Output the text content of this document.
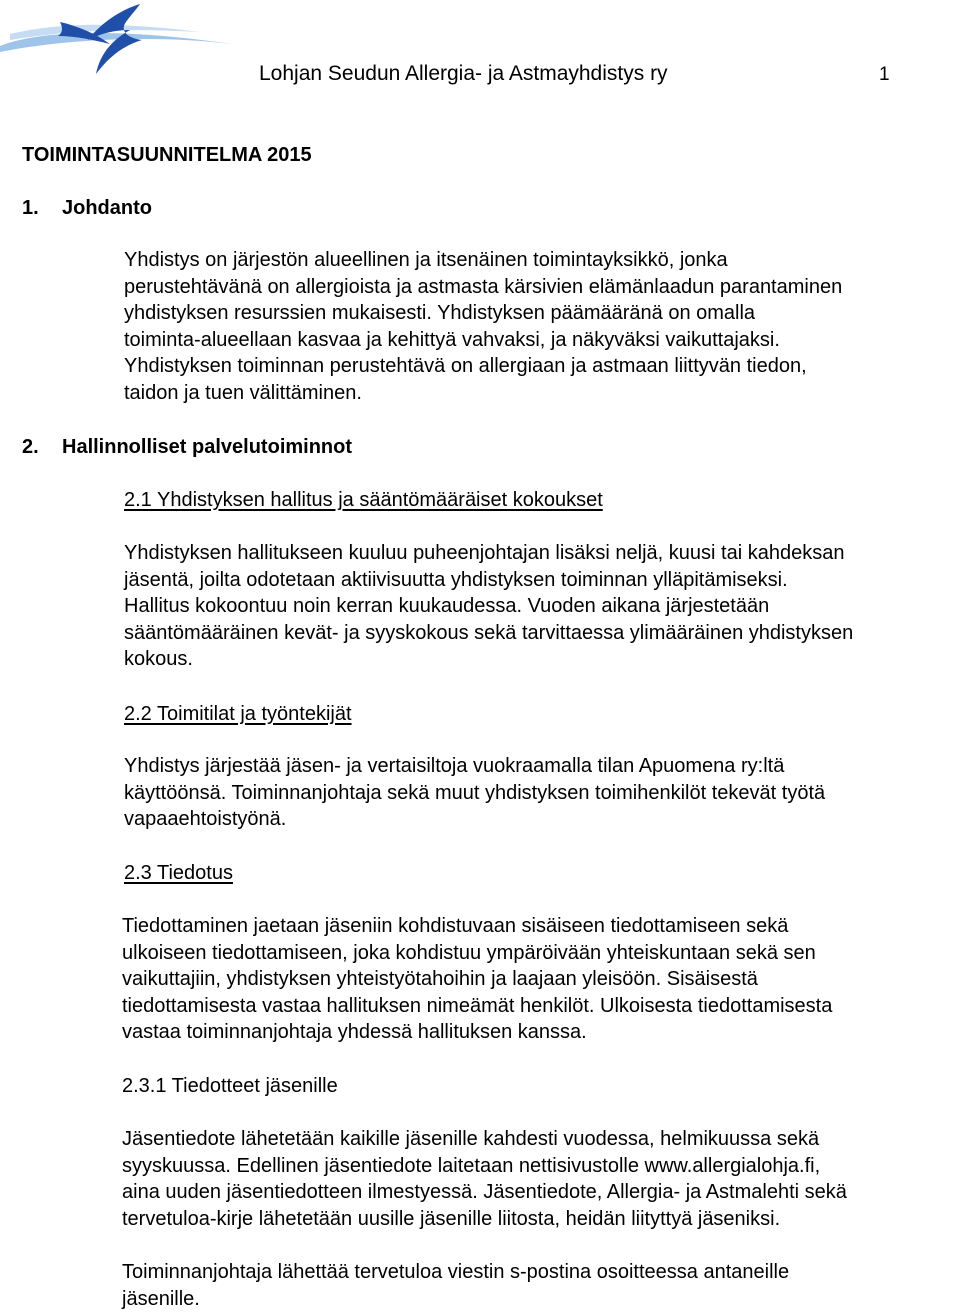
Lohjan Seudun Allergia- ja Astmayhdistys ry	1
TOIMINTASUUNNITELMA 2015
1. Johdanto

Yhdistys on järjestön alueellinen ja itsenäinen toimintayksikkö, jonka
perustehtävänä on allergioista ja astmasta kärsivien elämänlaadun parantaminen
yhdistyksen resurssien mukaisesti. Yhdistyksen päämääränä on omalla
toiminta-alueellaan kasvaa ja kehittyä vahvaksi, ja näkyväksi vaikuttajaksi.
Yhdistyksen toiminnan perustehtävä on allergiaan ja astmaan liittyvän tiedon,
taidon ja tuen välittäminen.

2. Hallinnolliset palvelutoiminnot
2.1 Yhdistyksen hallitus ja sääntömääräiset kokoukset

Yhdistyksen hallitukseen kuuluu puheenjohtajan lisäksi neljä, kuusi tai kahdeksan
jäsentä, joilta odotetaan aktiivisuutta yhdistyksen toiminnan ylläpitämiseksi.
Hallitus kokoontuu noin kerran kuukaudessa. Vuoden aikana järjestetään
sääntömääräinen kevät- ja syyskokous sekä tarvittaessa ylimääräinen yhdistyksen
kokous.

2.2 Toimitilat ja työntekijät

Yhdistys järjestää jäsen- ja vertaisiltoja vuokraamalla tilan Apuomena ry:ltä
käyttöönsä. Toiminnanjohtaja sekä muut yhdistyksen toimihenkilöt tekevät työtä
vapaaehtoistyönä.

2.3 Tiedotus

Tiedottaminen jaetaan jäseniin kohdistuvaan sisäiseen tiedottamiseen sekä
ulkoiseen tiedottamiseen, joka kohdistuu ympäröivään yhteiskuntaan sekä sen
vaikuttajiin, yhdistyksen yhteistyötahoihin ja laajaan yleisöön. Sisäisestä
tiedottamisesta vastaa hallituksen nimeämät henkilöt. Ulkoisesta tiedottamisesta
vastaa toiminnanjohtaja yhdessä hallituksen kanssa.

2.3.1 Tiedotteet jäsenille

Jäsentiedote lähetetään kaikille jäsenille kahdesti vuodessa, helmikuussa sekä
syyskuussa. Edellinen jäsentiedote laitetaan nettisivustolle www.allergialohja.fi,
aina uuden jäsentiedotteen ilmestyessä. Jäsentiedote, Allergia- ja Astmalehti sekä
tervetuloa-kirje lähetetään uusille jäsenille liitosta, heidän liityttyä jäseniksi.

Toiminnanjohtaja lähettää tervetuloa viestin s-postina osoitteessa antaneille
jäsenille.
